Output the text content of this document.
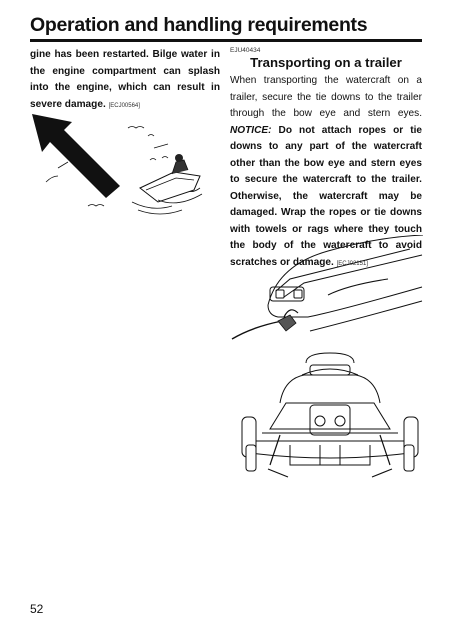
Operation and handling requirements
gine has been restarted. Bilge water in the engine compartment can splash into the engine, which can result in severe damage. [ECJ00564]
EJU40434
Transporting on a trailer
When transporting the watercraft on a trailer, secure the tie downs to the trailer through the bow eye and stern eyes. NOTICE: Do not attach ropes or tie downs to any part of the watercraft other than the bow eye and stern eyes to secure the watercraft to the trailer. Otherwise, the watercraft may be damaged. Wrap the ropes or tie downs with towels or rags where they touch the body of the watercraft to avoid scratches or damage. [ECJ02151]
52
